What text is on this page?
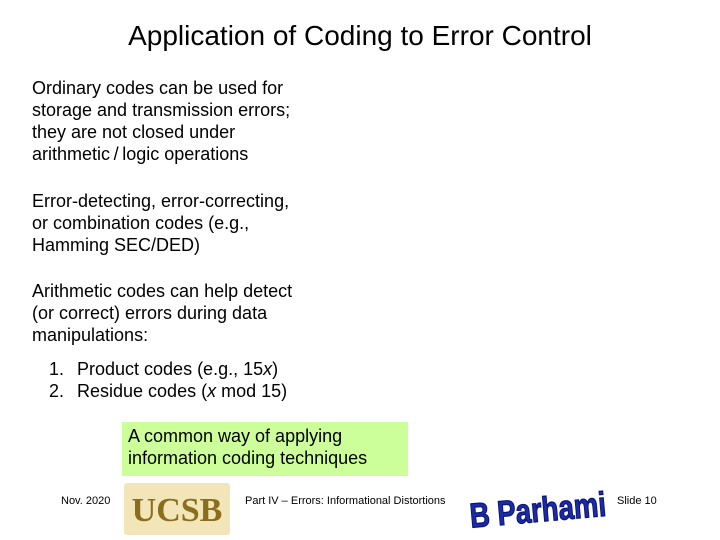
Application of Coding to Error Control
Ordinary codes can be used for
storage and transmission errors;
they are not closed under
arithmetic / logic operations
Error-detecting, error-correcting,
or combination codes (e.g.,
Hamming SEC/DED)
Arithmetic codes can help detect
(or correct) errors during data
manipulations:
1. Product codes (e.g., 15x)
2. Residue codes (x mod 15)
A common way of applying
information coding techniques
Nov. 2020 UCSB Part IV – Errors: Informational Distortions B Parhami Slide 10
